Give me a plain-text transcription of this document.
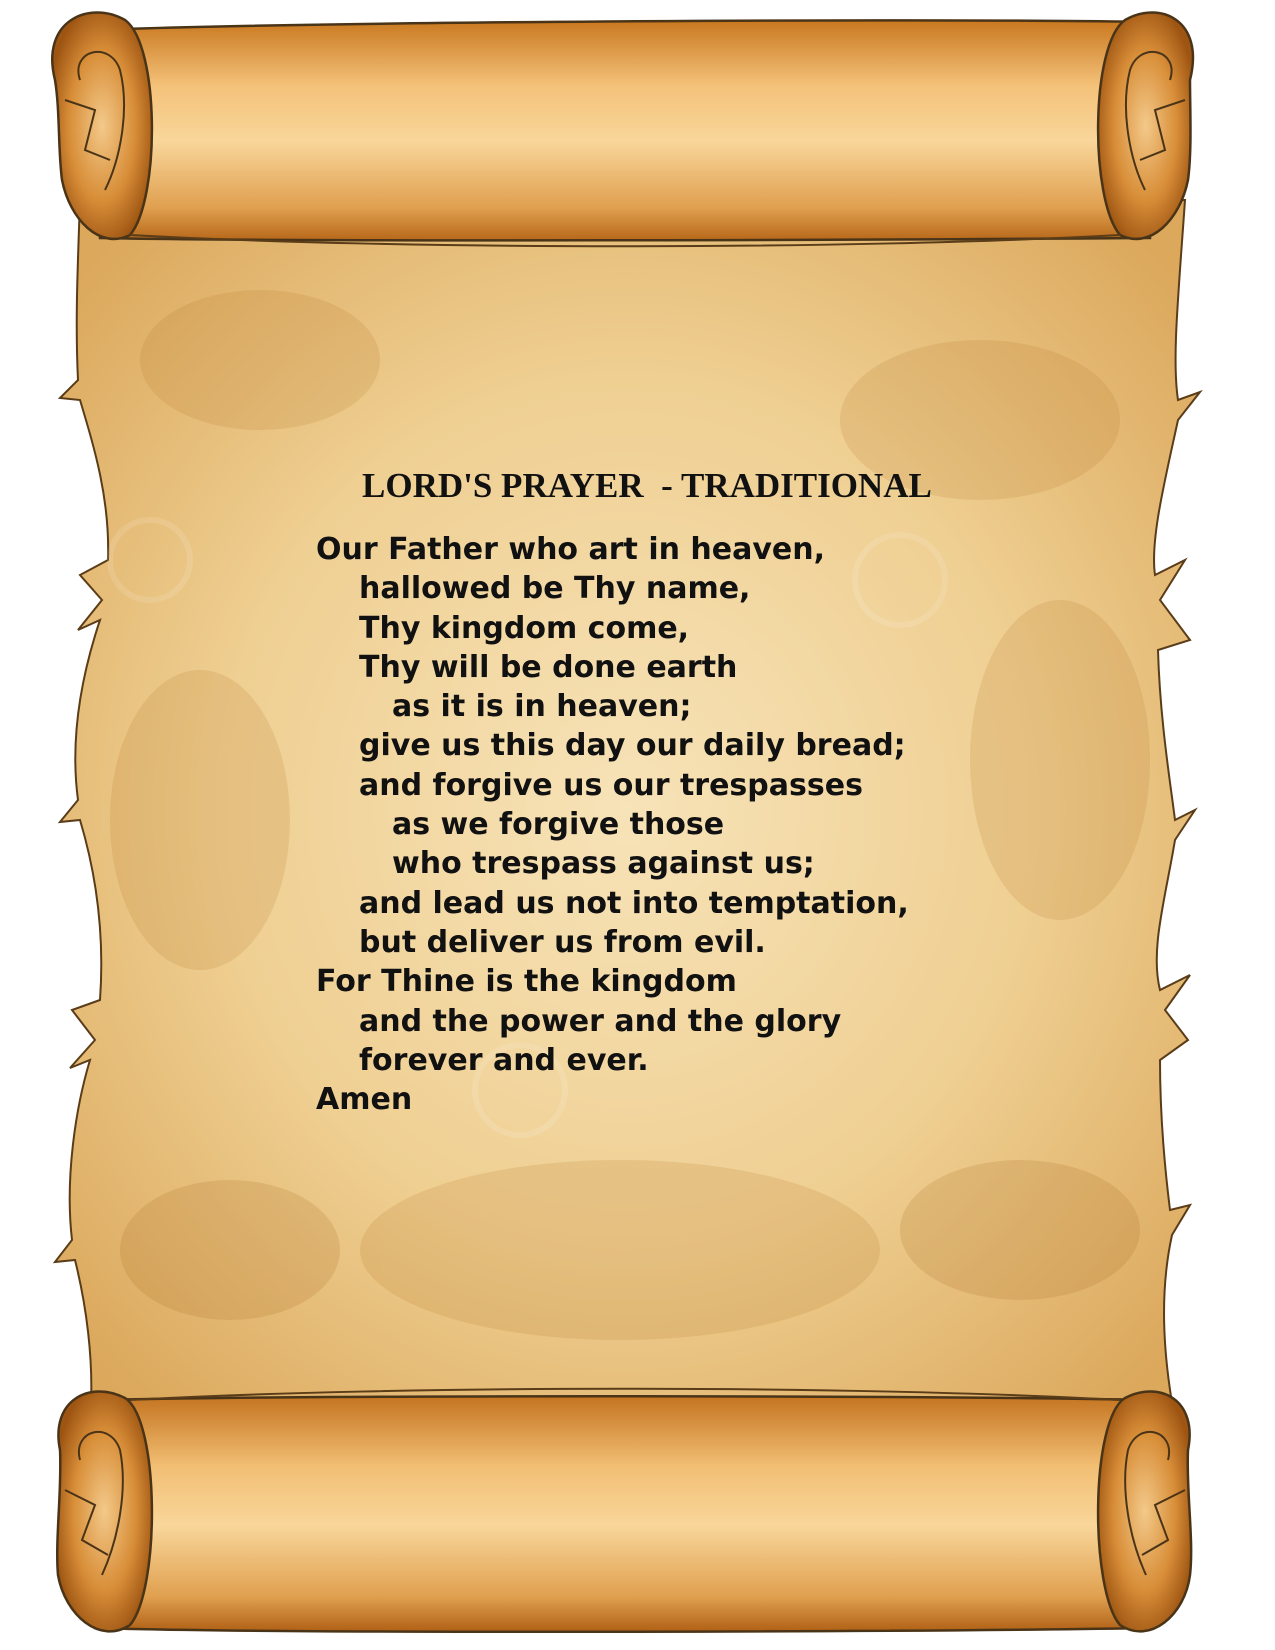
LORD'S PRAYER  - TRADITIONAL
Our Father who art in heaven,
hallowed be Thy name,
Thy kingdom come,
Thy will be done earth
as it is in heaven;
give us this day our daily bread;
and forgive us our trespasses
as we forgive those
who trespass against us;
and lead us not into temptation,
but deliver us from evil.
For Thine is the kingdom
and the power and the glory
forever and ever.
Amen
